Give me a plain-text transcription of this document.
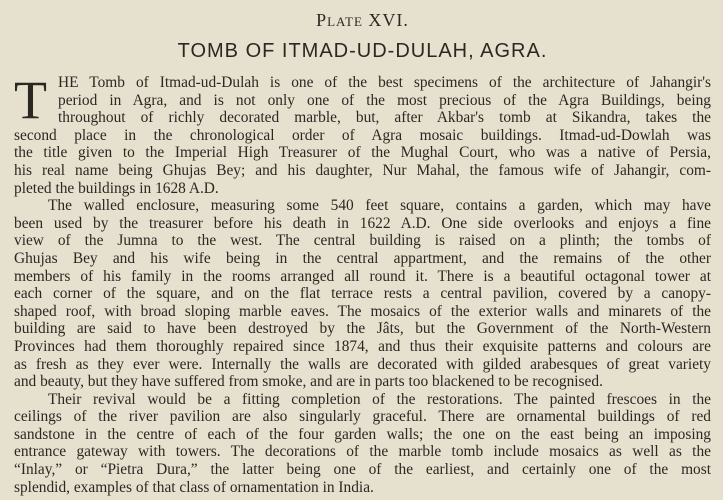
Plate XVI.
TOMB OF ITMAD-UD-DULAH, AGRA.
T HE Tomb of Itmad-ud-Dulah is one of the best specimens of the architecture of Jahangir's
period in Agra, and is not only one of the most precious of the Agra Buildings, being
throughout of richly decorated marble, but, after Akbar's tomb at Sikandra, takes the
second place in the chronological order of Agra mosaic buildings. Itmad-ud-Dowlah was
the title given to the Imperial High Treasurer of the Mughal Court, who was a native of Persia,
his real name being Ghujas Bey; and his daughter, Nur Mahal, the famous wife of Jahangir, com-
pleted the buildings in 1628 A.D.
The walled enclosure, measuring some 540 feet square, contains a garden, which may have
been used by the treasurer before his death in 1622 A.D. One side overlooks and enjoys a fine
view of the Jumna to the west. The central building is raised on a plinth; the tombs of
Ghujas Bey and his wife being in the central appartment, and the remains of the other
members of his family in the rooms arranged all round it. There is a beautiful octagonal tower at
each corner of the square, and on the flat terrace rests a central pavilion, covered by a canopy-
shaped roof, with broad sloping marble eaves. The mosaics of the exterior walls and minarets of the
building are said to have been destroyed by the Jâts, but the Government of the North-Western
Provinces had them thoroughly repaired since 1874, and thus their exquisite patterns and colours are
as fresh as they ever were. Internally the walls are decorated with gilded arabesques of great variety
and beauty, but they have suffered from smoke, and are in parts too blackened to be recognised.
Their revival would be a fitting completion of the restorations. The painted frescoes in the
ceilings of the river pavilion are also singularly graceful. There are ornamental buildings of red
sandstone in the centre of each of the four garden walls; the one on the east being an imposing
entrance gateway with towers. The decorations of the marble tomb include mosaics as well as the
“Inlay,” or “Pietra Dura,” the latter being one of the earliest, and certainly one of the most
splendid, examples of that class of ornamentation in India.
